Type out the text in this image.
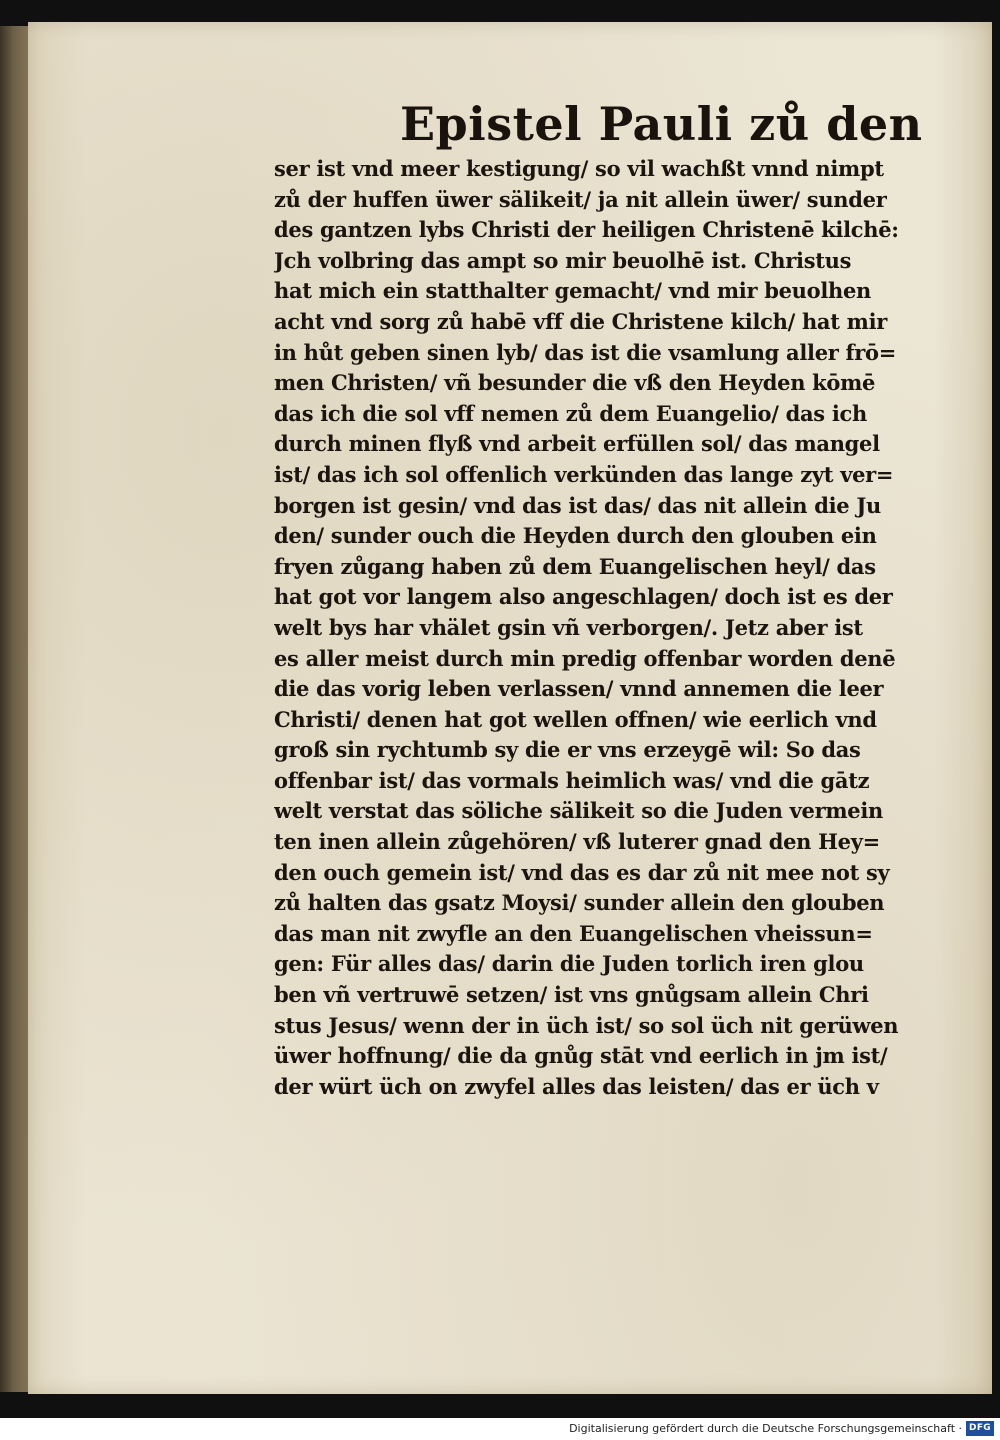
Epistel Pauli zů den
ser ist vnd meer kestigung/ so vil wachßt vnnd nimpt
zů der huffen üwer sälikeit/ ja nit allein üwer/ sunder
des gantzen lybs Christi der heiligen Christenē kilchē:
Jch volbring das ampt so mir beuolhē ist. Christus
hat mich ein statthalter gemacht/ vnd mir beuolhen
acht vnd sorg zů habē vff die Christene kilch/ hat mir
in hůt geben sinen lyb/ das ist die vsamlung aller frō=
men Christen/ vñ besunder die vß den Heyden kōmē
das ich die sol vff nemen zů dem Euangelio/ das ich
durch minen flyß vnd arbeit erfüllen sol/ das mangel
ist/ das ich sol offenlich verkünden das lange zyt ver=
borgen ist gesin/ vnd das ist das/ das nit allein die Ju
den/ sunder ouch die Heyden durch den glouben ein
fryen zůgang haben zů dem Euangelischen heyl/ das
hat got vor langem also angeschlagen/ doch ist es der
welt bys har vhälet gsin vñ verborgen/. Jetz aber ist
es aller meist durch min predig offenbar worden denē
die das vorig leben verlassen/ vnnd annemen die leer
Christi/ denen hat got wellen offnen/ wie eerlich vnd
groß sin rychtumb sy die er vns erzeygē wil: So das
offenbar ist/ das vormals heimlich was/ vnd die gātz
welt verstat das söliche sälikeit so die Juden vermein
ten inen allein zůgehören/ vß luterer gnad den Hey=
den ouch gemein ist/ vnd das es dar zů nit mee not sy
zů halten das gsatz Moysi/ sunder allein den glouben
das man nit zwyfle an den Euangelischen vheissun=
gen: Für alles das/ darin die Juden torlich iren glou
ben vñ vertruwē setzen/ ist vns gnůgsam allein Chri
stus Jesus/ wenn der in üch ist/ so sol üch nit gerüwen
üwer hoffnung/ die da gnůg stāt vnd eerlich in jm ist/
der würt üch on zwyfel alles das leisten/ das er üch v
Digitalisierung gefördert durch die Deutsche Forschungsgemeinschaft · DFG
